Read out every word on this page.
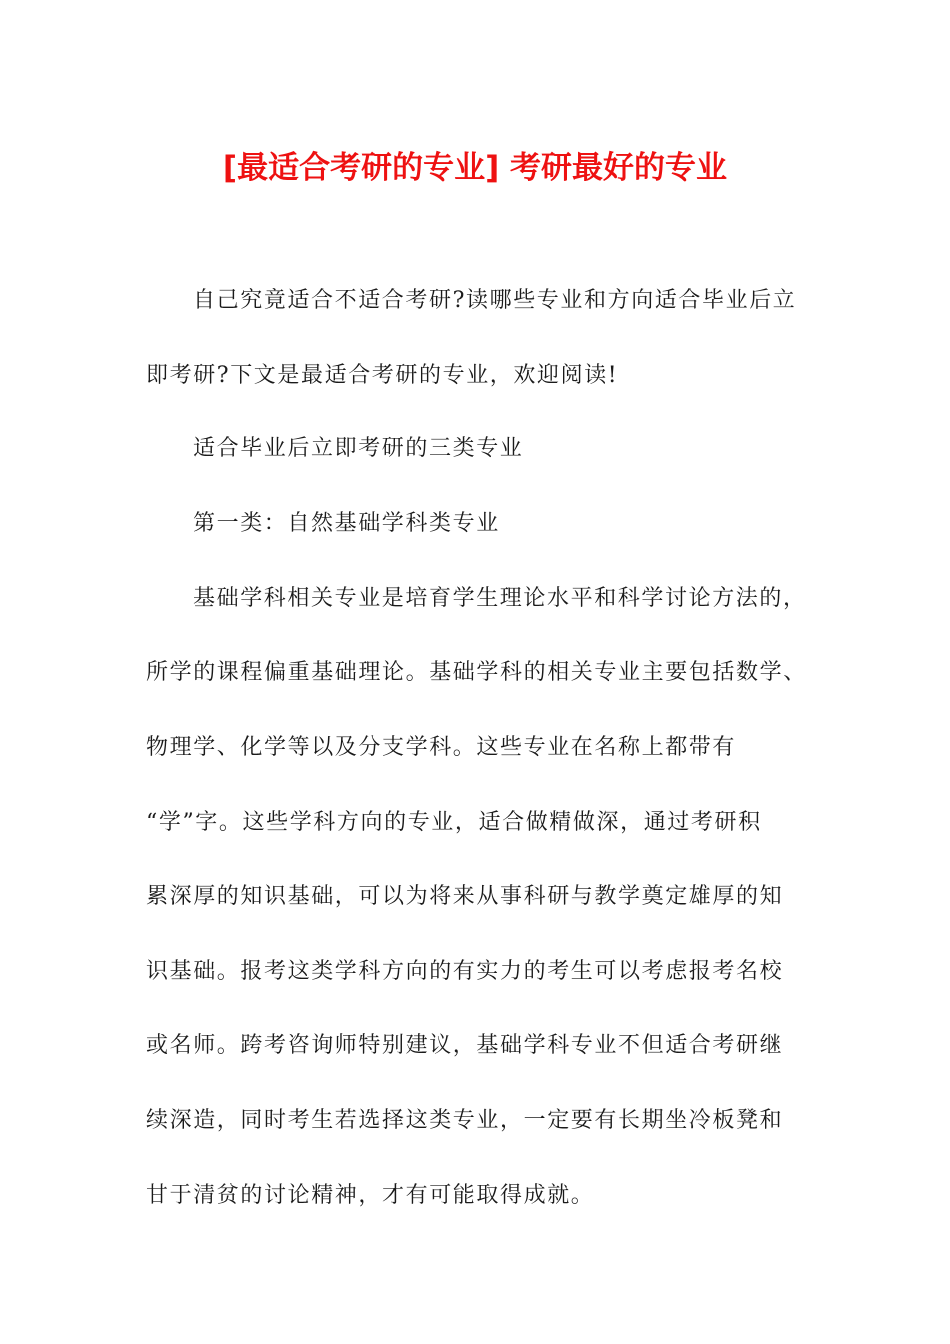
[最适合考研的专业] 考研最好的专业
自己究竟适合不适合考研?读哪些专业和方向适合毕业后立
即考研?下文是最适合考研的专业，欢迎阅读!
适合毕业后立即考研的三类专业
第一类：自然基础学科类专业
基础学科相关专业是培育学生理论水平和科学讨论方法的，
所学的课程偏重基础理论。基础学科的相关专业主要包括数学、
物理学、化学等以及分支学科。这些专业在名称上都带有
“学”字。这些学科方向的专业，适合做精做深，通过考研积
累深厚的知识基础，可以为将来从事科研与教学奠定雄厚的知
识基础。报考这类学科方向的有实力的考生可以考虑报考名校
或名师。跨考咨询师特别建议，基础学科专业不但适合考研继
续深造，同时考生若选择这类专业，一定要有长期坐冷板凳和
甘于清贫的讨论精神，才有可能取得成就。
